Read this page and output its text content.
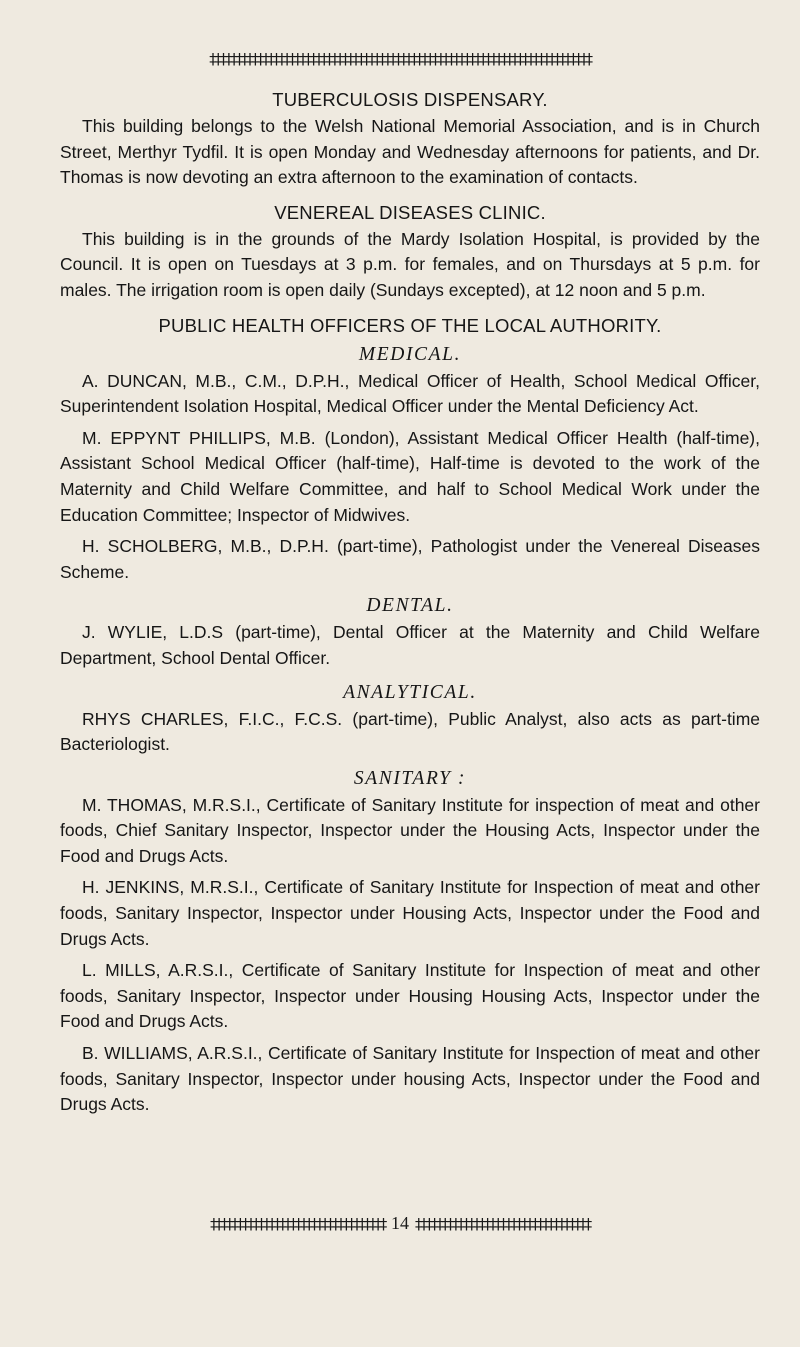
‡‡‡‡‡‡‡‡‡‡‡‡‡‡‡‡‡‡‡‡‡‡‡‡‡‡‡‡‡‡‡‡‡‡‡‡‡‡‡‡‡‡‡‡‡‡‡‡‡‡‡‡‡‡‡‡‡‡‡‡‡‡‡‡‡‡‡‡‡‡‡‡
TUBERCULOSIS DISPENSARY.

This building belongs to the Welsh National Memorial Association, and is in Church Street, Merthyr Tydfil. It is open Monday and Wednesday afternoons for patients, and Dr. Thomas is now devoting an extra afternoon to the examination of contacts.

VENEREAL DISEASES CLINIC.

This building is in the grounds of the Mardy Isolation Hospital, is provided by the Council. It is open on Tuesdays at 3 p.m. for females, and on Thursdays at 5 p.m. for males. The irrigation room is open daily (Sundays excepted), at 12 noon and 5 p.m.

PUBLIC HEALTH OFFICERS OF THE LOCAL AUTHORITY.
MEDICAL.

A. DUNCAN, M.B., C.M., D.P.H., Medical Officer of Health, School Medical Officer, Superintendent Isolation Hospital, Medical Officer under the Mental Deficiency Act.

M. EPPYNT PHILLIPS, M.B. (London), Assistant Medical Officer Health (half-time), Assistant School Medical Officer (half-time), Half-time is devoted to the work of the Maternity and Child Welfare Committee, and half to School Medical Work under the Education Committee; Inspector of Midwives.

H. SCHOLBERG, M.B., D.P.H. (part-time), Pathologist under the Venereal Diseases Scheme.

DENTAL.

J. WYLIE, L.D.S (part-time), Dental Officer at the Maternity and Child Welfare Department, School Dental Officer.

ANALYTICAL.

RHYS CHARLES, F.I.C., F.C.S. (part-time), Public Analyst, also acts as part-time Bacteriologist.

SANITARY :

M. THOMAS, M.R.S.I., Certificate of Sanitary Institute for inspection of meat and other foods, Chief Sanitary Inspector, Inspector under the Housing Acts, Inspector under the Food and Drugs Acts.

H. JENKINS, M.R.S.I., Certificate of Sanitary Institute for Inspection of meat and other foods, Sanitary Inspector, Inspector under Housing Acts, Inspector under the Food and Drugs Acts.

L. MILLS, A.R.S.I., Certificate of Sanitary Institute for Inspection of meat and other foods, Sanitary Inspector, Inspector under Housing Housing Acts, Inspector under the Food and Drugs Acts.

B. WILLIAMS, A.R.S.I., Certificate of Sanitary Institute for Inspection of meat and other foods, Sanitary Inspector, Inspector under housing Acts, Inspector under the Food and Drugs Acts.

‡‡‡‡‡‡‡‡‡‡‡‡‡‡‡‡‡‡‡‡‡‡‡‡‡‡‡‡‡‡‡‡‡ 14 ‡‡‡‡‡‡‡‡‡‡‡‡‡‡‡‡‡‡‡‡‡‡‡‡‡‡‡‡‡‡‡‡‡
